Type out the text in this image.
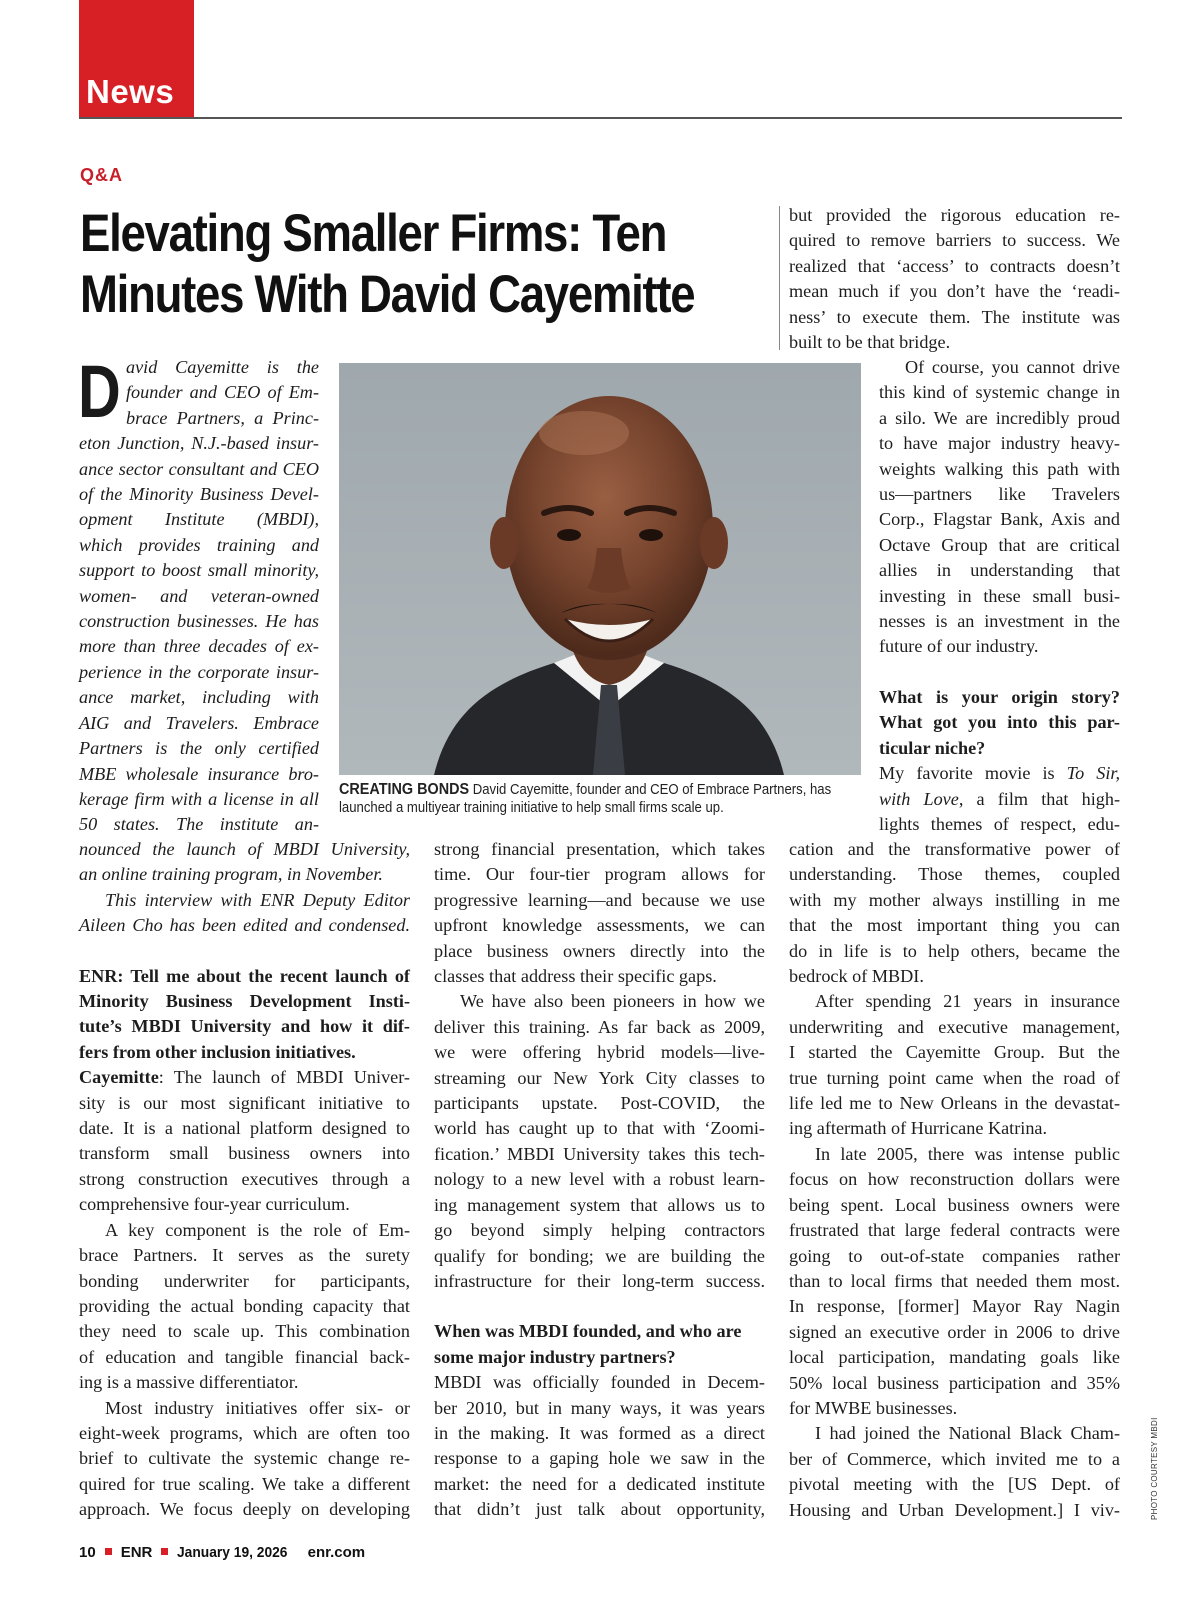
News
Q&A
Elevating Smaller Firms: Ten
Minutes With David Cayemitte
CREATING BONDS David Cayemitte, founder and CEO of Embrace Partners, has
launched a multiyear training initiative to help small firms scale up.
D avid Cayemitte is the
founder and CEO of Em-
brace Partners, a Princ-
eton Junction, N.J.-based insur-
ance sector consultant and CEO
of the Minority Business Devel-
opment Institute (MBDI),
which provides training and
support to boost small minority,
women- and veteran-owned
construction businesses. He has
more than three decades of ex-
perience in the corporate insur-
ance market, including with
AIG and Travelers. Embrace
Partners is the only certified
MBE wholesale insurance bro-
kerage firm with a license in all
50 states. The institute an-
nounced the launch of MBDI University,
an online training program, in November.
This interview with ENR Deputy Editor
Aileen Cho has been edited and condensed.
ENR: Tell me about the recent launch of
Minority Business Development Insti-
tute’s MBDI University and how it dif-
fers from other inclusion initiatives.
Cayemitte: The launch of MBDI Univer-
sity is our most significant initiative to
date. It is a national platform designed to
transform small business owners into
strong construction executives through a
comprehensive four-year curriculum.
A key component is the role of Em-
brace Partners. It serves as the surety
bonding underwriter for participants,
providing the actual bonding capacity that
they need to scale up. This combination
of education and tangible financial back-
ing is a massive differentiator.
Most industry initiatives offer six- or
eight-week programs, which are often too
brief to cultivate the systemic change re-
quired for true scaling. We take a different
approach. We focus deeply on developing
strong financial presentation, which takes
time. Our four-tier program allows for
progressive learning—and because we use
upfront knowledge assessments, we can
place business owners directly into the
classes that address their specific gaps.
We have also been pioneers in how we
deliver this training. As far back as 2009,
we were offering hybrid models—live-
streaming our New York City classes to
participants upstate. Post-COVID, the
world has caught up to that with ‘Zoomi-
fication.’ MBDI University takes this tech-
nology to a new level with a robust learn-
ing management system that allows us to
go beyond simply helping contractors
qualify for bonding; we are building the
infrastructure for their long-term success.
When was MBDI founded, and who are
some major industry partners?
MBDI was officially founded in Decem-
ber 2010, but in many ways, it was years
in the making. It was formed as a direct
response to a gaping hole we saw in the
market: the need for a dedicated institute
that didn’t just talk about opportunity,
but provided the rigorous education re-
quired to remove barriers to success. We
realized that ‘access’ to contracts doesn’t
mean much if you don’t have the ‘readi-
ness’ to execute them. The institute was
built to be that bridge.
Of course, you cannot drive
this kind of systemic change in
a silo. We are incredibly proud
to have major industry heavy-
weights walking this path with
us—partners like Travelers
Corp., Flagstar Bank, Axis and
Octave Group that are critical
allies in understanding that
investing in these small busi-
nesses is an investment in the
future of our industry.
What is your origin story?
What got you into this par-
ticular niche?
My favorite movie is To Sir,
with Love, a film that high-
lights themes of respect, edu-
cation and the transformative power of
understanding. Those themes, coupled
with my mother always instilling in me
that the most important thing you can
do in life is to help others, became the
bedrock of MBDI.
After spending 21 years in insurance
underwriting and executive management,
I started the Cayemitte Group. But the
true turning point came when the road of
life led me to New Orleans in the devastat-
ing aftermath of Hurricane Katrina.
In late 2005, there was intense public
focus on how reconstruction dollars were
being spent. Local business owners were
frustrated that large federal contracts were
going to out-of-state companies rather
than to local firms that needed them most.
In response, [former] Mayor Ray Nagin
signed an executive order in 2006 to drive
local participation, mandating goals like
50% local business participation and 35%
for MWBE businesses.
I had joined the National Black Cham-
ber of Commerce, which invited me to a
pivotal meeting with the [US Dept. of
Housing and Urban Development.] I viv-	PHOTO COURTESY MBDI
10 ENR January 19, 2026 enr.com
